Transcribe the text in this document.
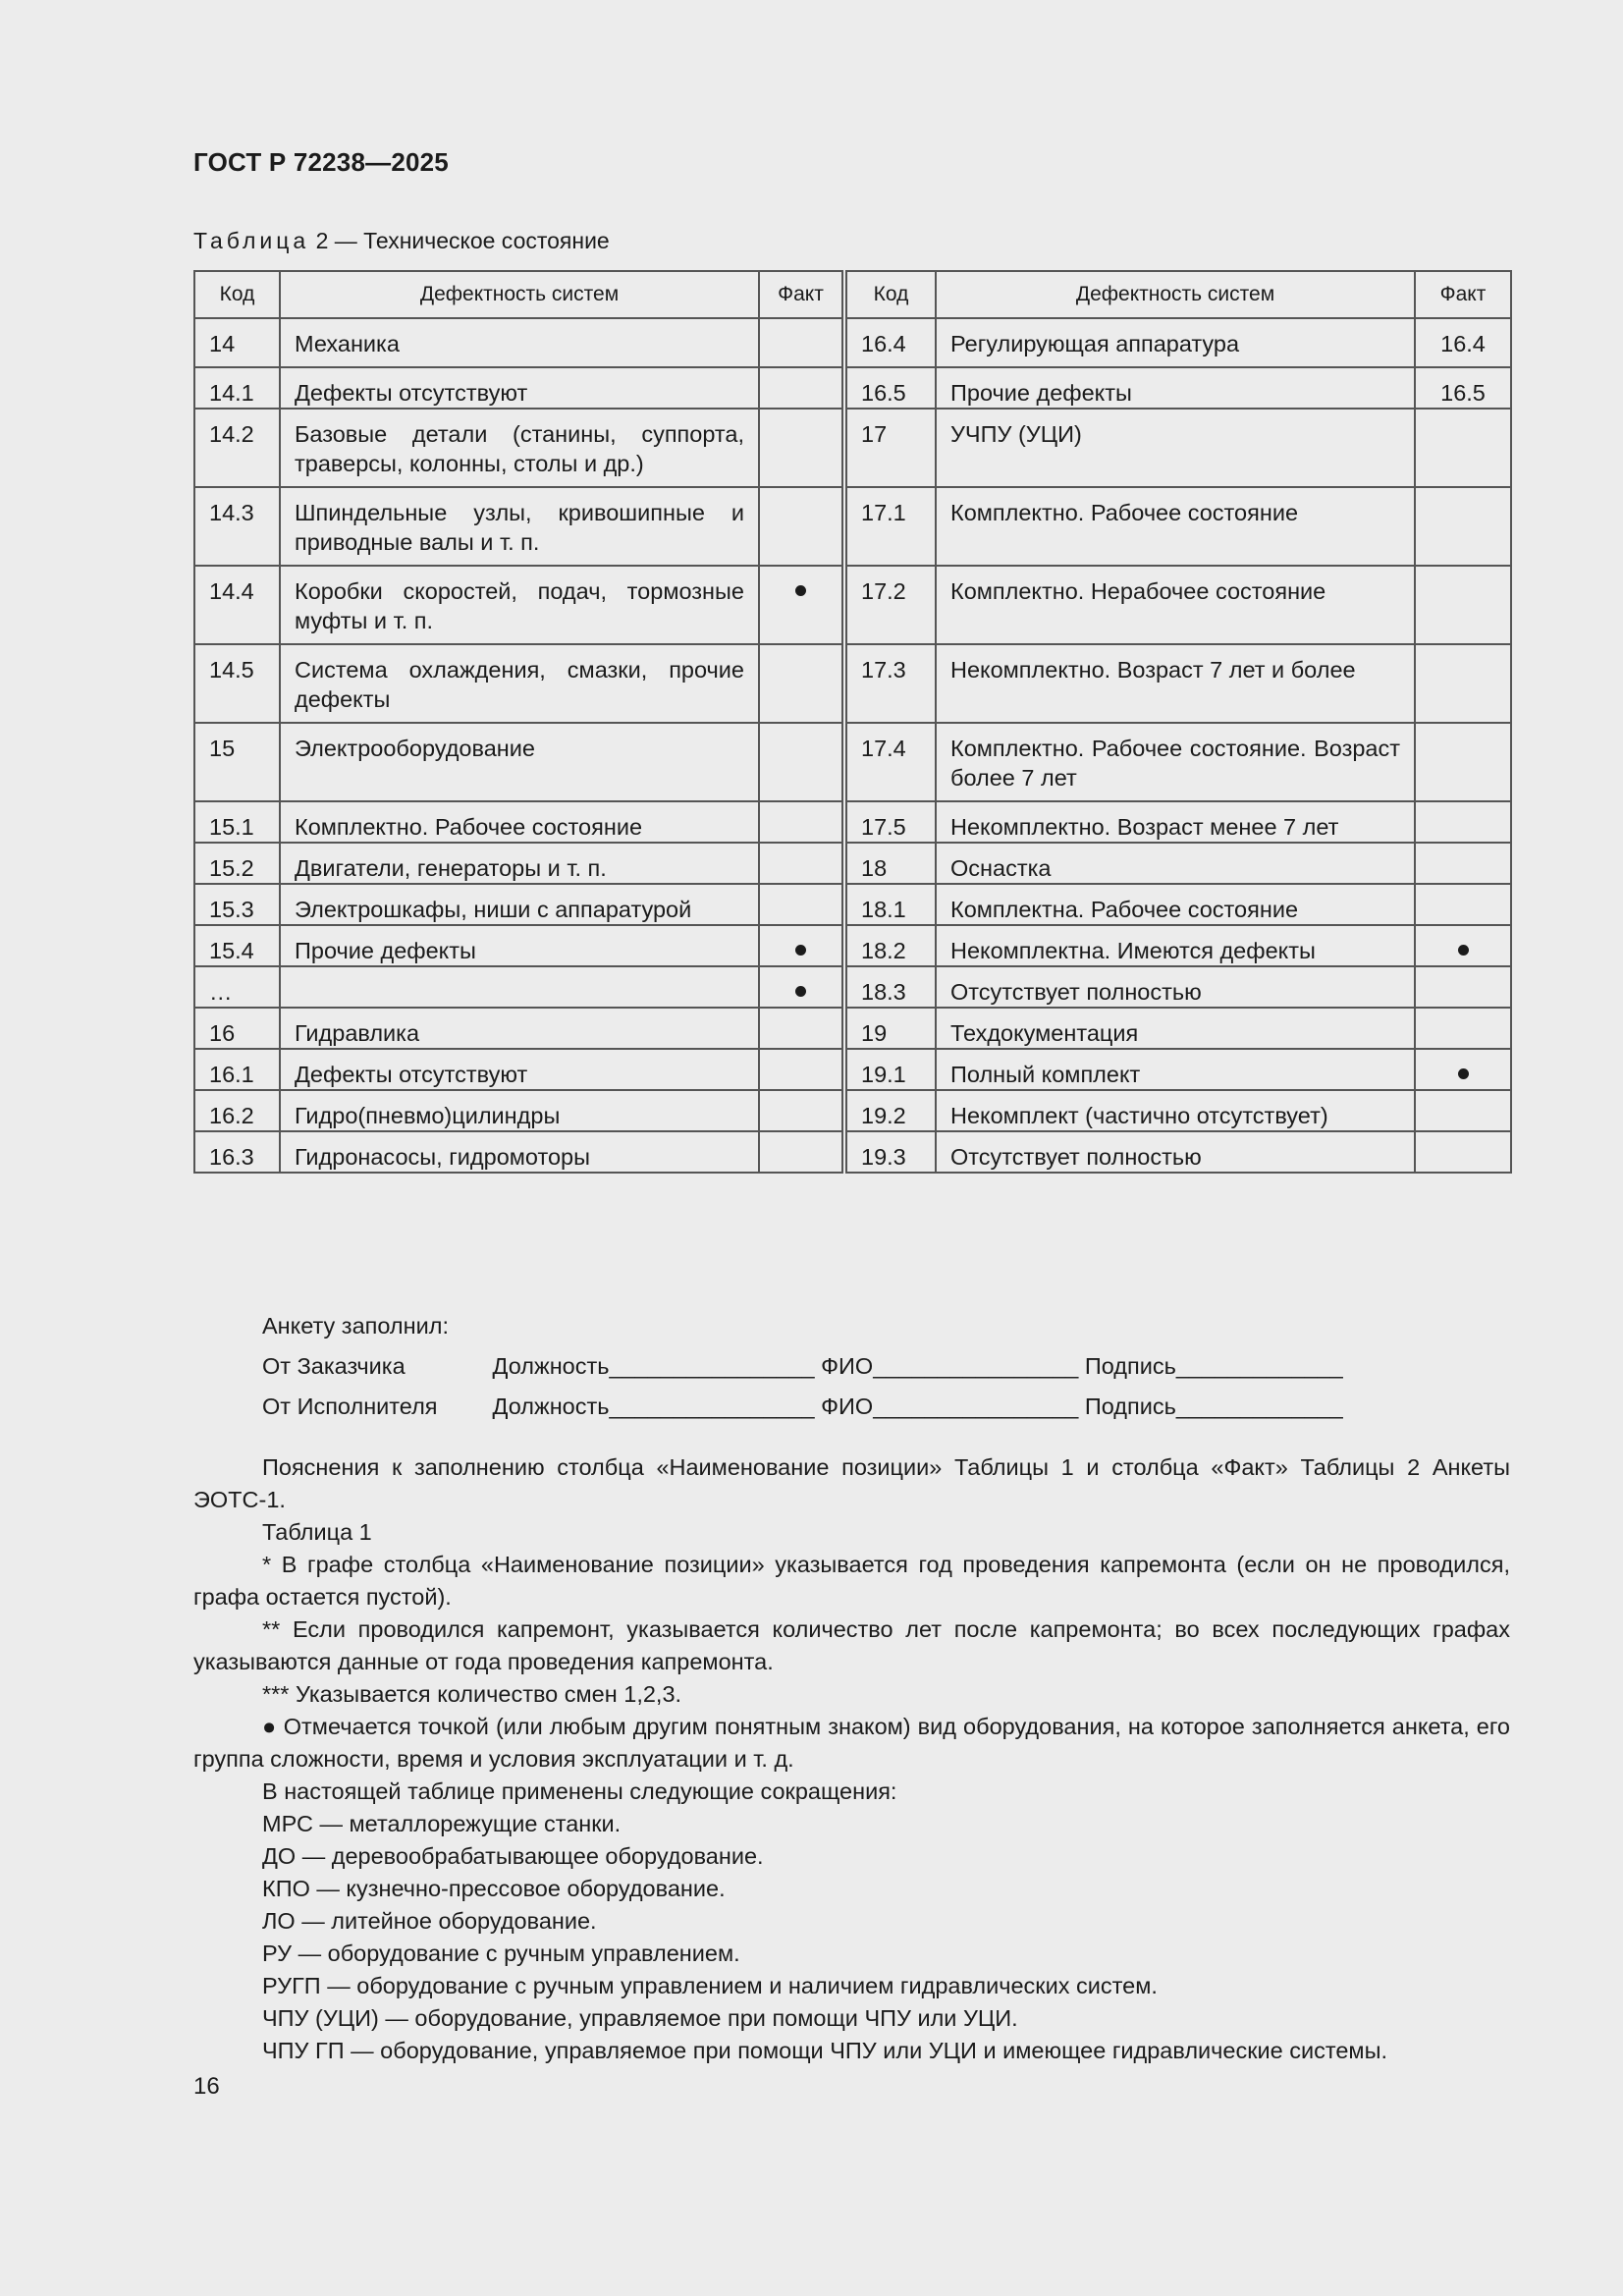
ГОСТ Р 72238—2025
Таблица 2 — Техническое состояние
Код	Дефектность систем	Факт	Код	Дефектность систем	Факт
14	Механика		16.4	Регулирующая аппаратура	16.4
14.1	Дефекты отсутствуют		16.5	Прочие дефекты	16.5
14.2	Базовые детали (станины, суппорта, траверсы, колонны, столы и др.)		17	УЧПУ (УЦИ)	
14.3	Шпиндельные узлы, кривошипные и приводные валы и т. п.		17.1	Комплектно. Рабочее состояние	
14.4	Коробки скоростей, подач, тормозные муфты и т. п.		17.2	Комплектно. Нерабочее состояние	
14.5	Система охлаждения, смазки, прочие дефекты		17.3	Некомплектно. Возраст 7 лет и более	
15	Электрооборудование		17.4	Комплектно. Рабочее состояние. Возраст более 7 лет	
15.1	Комплектно. Рабочее состояние		17.5	Некомплектно. Возраст менее 7 лет	
15.2	Двигатели, генераторы и т. п.		18	Оснастка	
15.3	Электрошкафы, ниши с аппаратурой		18.1	Комплектна. Рабочее состояние	
15.4	Прочие дефекты		18.2	Некомплектна. Имеются дефекты	
…			18.3	Отсутствует полностью	
16	Гидравлика		19	Техдокументация	
16.1	Дефекты отсутствуют		19.1	Полный комплект	
16.2	Гидро(пневмо)цилиндры		19.2	Некомплект (частично отсутствует)	
16.3	Гидронасосы, гидромоторы		19.3	Отсутствует полностью	
Анкету заполнил:
От Заказчика	Должность________________ ФИО________________ Подпись_____________
От Исполнителя Должность________________ ФИО________________ Подпись_____________

Пояснения к заполнению столбца «Наименование позиции» Таблицы 1 и столбца «Факт» Таблицы 2 Анкеты ЭОТС-1.

Таблица 1

* В графе столбца «Наименование позиции» указывается год проведения капремонта (если он не проводился, графа остается пустой).

** Если проводился капремонт, указывается количество лет после капремонта; во всех последующих графах указываются данные от года проведения капремонта.

*** Указывается количество смен 1,2,3.

● Отмечается точкой (или любым другим понятным знаком) вид оборудования, на которое заполняется анкета, его группа сложности, время и условия эксплуатации и т. д.

В настоящей таблице применены следующие сокращения:

МРС — металлорежущие станки.

ДО — деревообрабатывающее оборудование.

КПО — кузнечно-прессовое оборудование.

ЛО — литейное оборудование.

РУ — оборудование с ручным управлением.

РУГП — оборудование с ручным управлением и наличием гидравлических систем.

ЧПУ (УЦИ) — оборудование, управляемое при помощи ЧПУ или УЦИ.

ЧПУ ГП — оборудование, управляемое при помощи ЧПУ или УЦИ и имеющее гидравлические системы.

16
